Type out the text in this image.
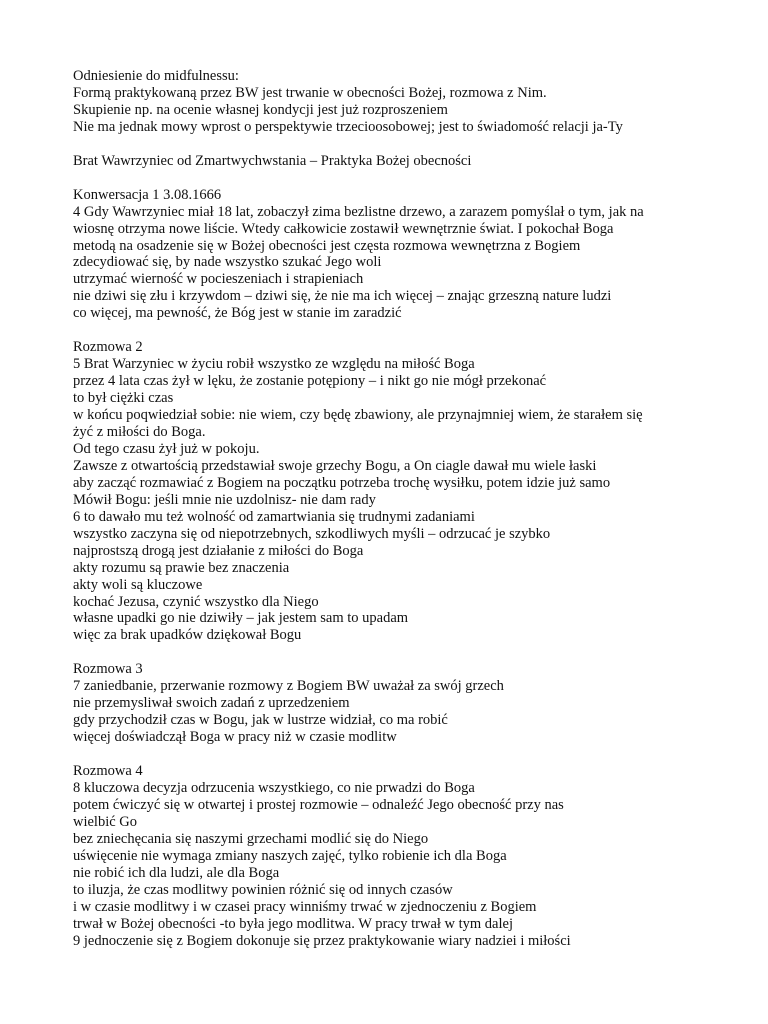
Odniesienie do midfulnessu:
Formą praktykowaną przez BW jest trwanie w obecności Bożej, rozmowa z Nim.
Skupienie np. na ocenie własnej kondycji jest już rozproszeniem
Nie ma jednak mowy wprost o perspektywie trzecioosobowej; jest to świadomość relacji ja-Ty
Brat Wawrzyniec od Zmartwychwstania – Praktyka Bożej obecności
Konwersacja 1 3.08.1666
4 Gdy Wawrzyniec miał 18 lat, zobaczył zima bezlistne drzewo, a zarazem pomyślał o tym, jak na
wiosnę otrzyma nowe liście. Wtedy całkowicie zostawił wewnętrznie świat. I pokochał Boga
metodą na osadzenie się w Bożej obecności jest częsta rozmowa wewnętrzna z Bogiem
zdecydiować się, by nade wszystko szukać Jego woli
utrzymać wierność w pocieszeniach i strapieniach
nie dziwi się złu i krzywdom – dziwi się, że nie ma ich więcej – znając grzeszną nature ludzi
co więcej, ma pewność, że Bóg jest w stanie im zaradzić
Rozmowa 2
5 Brat Warzyniec w życiu robił wszystko ze względu na miłość Boga
przez 4 lata czas żył w lęku, że zostanie potępiony – i nikt go nie mógł przekonać
to był ciężki czas
w końcu poqwiedział sobie: nie wiem, czy będę zbawiony, ale przynajmniej wiem, że starałem się
żyć z miłości do Boga.
Od tego czasu żył już w pokoju.
Zawsze z otwartością przedstawiał swoje grzechy Bogu, a On ciagle dawał mu wiele łaski
aby zacząć rozmawiać z Bogiem na początku potrzeba trochę wysiłku, potem idzie już samo
Mówił Bogu: jeśli mnie nie uzdolnisz- nie dam rady
6 to dawało mu też wolność od zamartwiania się trudnymi zadaniami
wszystko zaczyna się od niepotrzebnych, szkodliwych myśli – odrzucać je szybko
najprostszą drogą jest działanie z miłości do Boga
akty rozumu są prawie bez znaczenia
akty woli są kluczowe
kochać Jezusa, czynić wszystko dla Niego
własne upadki go nie dziwiły – jak jestem sam to upadam
więc za brak upadków dziękował Bogu
Rozmowa 3
7 zaniedbanie, przerwanie rozmowy z Bogiem BW uważał za swój grzech
nie przemysliwał swoich zadań z uprzedzeniem
gdy przychodził czas w Bogu, jak w lustrze widział, co ma robić
więcej doświadczął Boga w pracy niż w czasie modlitw
Rozmowa 4
8 kluczowa decyzja odrzucenia wszystkiego, co nie prwadzi do Boga
potem ćwiczyć się w otwartej i prostej rozmowie – odnaleźć Jego obecność przy nas
wielbić Go
bez zniechęcania się naszymi grzechami modlić się do Niego
uświęcenie nie wymaga zmiany naszych zajęć, tylko robienie ich dla Boga
nie robić ich dla ludzi, ale dla Boga
to iluzja, że czas modlitwy powinien różnić się od innych czasów
i w czasie modlitwy i w czasei pracy winniśmy trwać w zjednoczeniu z Bogiem
trwał w Bożej obecności -to była jego modlitwa. W pracy trwał w tym dalej
9 jednoczenie się z Bogiem dokonuje się przez praktykowanie wiary nadziei i miłości
